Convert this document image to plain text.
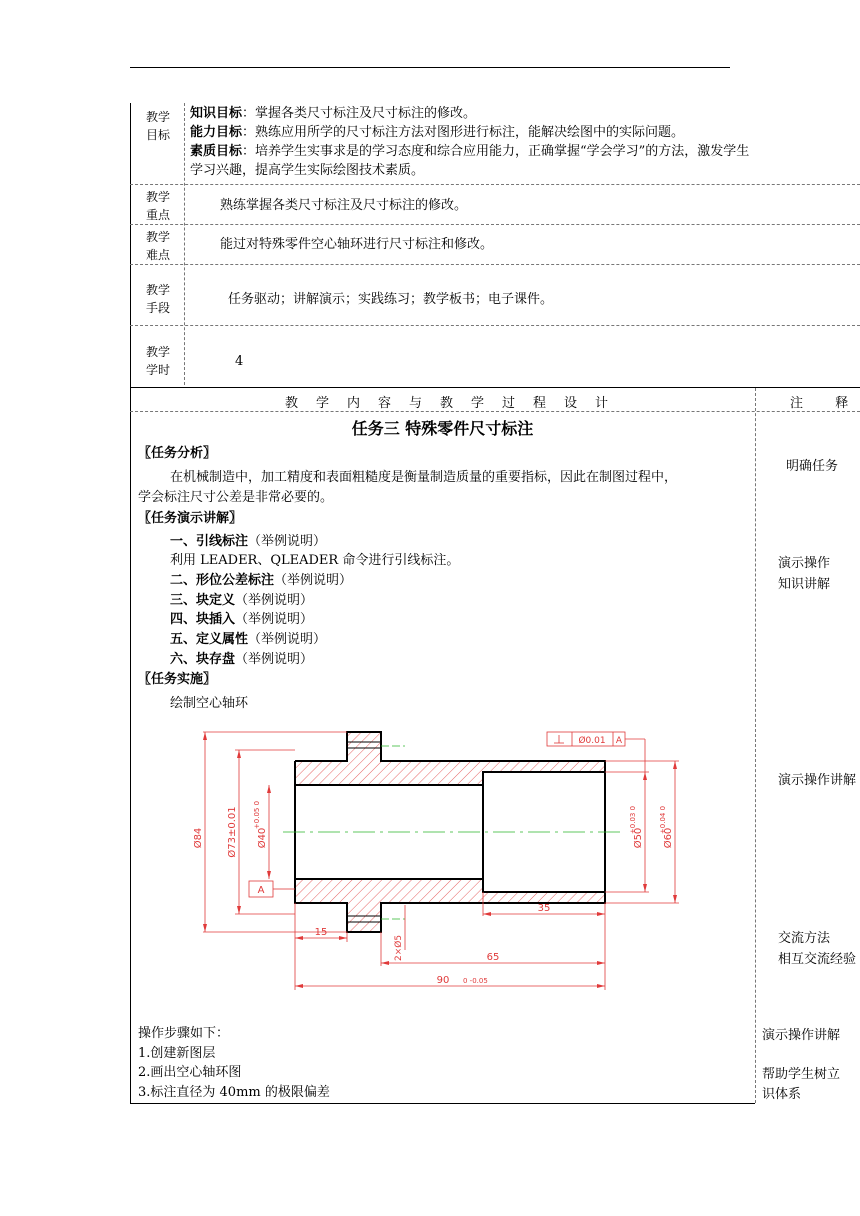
教学
目标
知识目标：掌握各类尺寸标注及尺寸标注的修改。
能力目标：熟练应用所学的尺寸标注方法对图形进行标注，能解决绘图中的实际问题。
素质目标：培养学生实事求是的学习态度和综合应用能力，正确掌握“学会学习”的方法，激发学生
学习兴趣，提高学生实际绘图技术素质。
教学
重点
熟练掌握各类尺寸标注及尺寸标注的修改。
教学
难点
能过对特殊零件空心轴环进行尺寸标注和修改。
教学
手段
任务驱动；讲解演示；实践练习；教学板书；电子课件。
教学
学时
4
教学内容与教学过程设计	注  释
任务三 特殊零件尺寸标注
〖任务分析〗
在机械制造中，加工精度和表面粗糙度是衡量制造质量的重要指标，因此在制图过程中，
学会标注尺寸公差是非常必要的。
〖任务演示讲解〗
一、引线标注（举例说明）
利用 LEADER、QLEADER 命令进行引线标注。
二、形位公差标注（举例说明）
三、块定义（举例说明）
四、块插入（举例说明）
五、定义属性（举例说明）
六、块存盘（举例说明）
〖任务实施〗
绘制空心轴环
Ø84 Ø73±0.01 Ø40
+0.05 0
Ø50
+0.03 0
Ø60
+0.04 0
15
35
65
90 0 -0.05
2×Ø5
A
Ø0.01 A
操作步骤如下：
1.创建新图层
2.画出空心轴环图
3.标注直径为 40mm 的极限偏差
明确任务
演示操作
知识讲解
演示操作讲解
交流方法
相互交流经验
演示操作讲解
帮助学生树立
识体系
